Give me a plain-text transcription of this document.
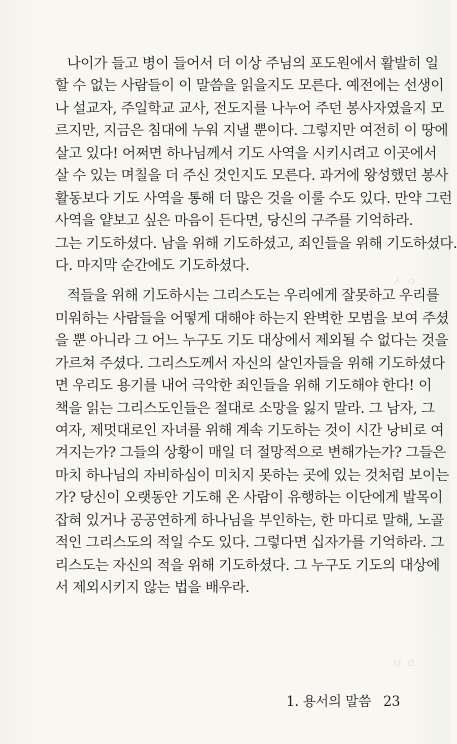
나이가 들고 병이 들어서 더 이상 주님의 포도원에서 활발히 일
할 수 없는 사람들이 이 말씀을 읽을지도 모른다. 예전에는 선생이
나 설교자, 주일학교 교사, 전도지를 나누어 주던 봉사자였을지 모
르지만, 지금은 침대에 누워 지낼 뿐이다. 그렇지만 여전히 이 땅에
살고 있다! 어쩌면 하나님께서 기도 사역을 시키시려고 이곳에서
살 수 있는 며칠을 더 주신 것인지도 모른다. 과거에 왕성했던 봉사
활동보다 기도 사역을 통해 더 많은 것을 이룰 수도 있다. 만약 그런
사역을 얕보고 싶은 마음이 든다면, 당신의 구주를 기억하라.
그는 기도하셨다. 남을 위해 기도하셨고, 죄인들을 위해 기도하셨다.
다. 마지막 순간에도 기도하셨다.
적들을 위해 기도하시는 그리스도는 우리에게 잘못하고 우리를
미워하는 사람들을 어떻게 대해야 하는지 완벽한 모범을 보여 주셨
을 뿐 아니라 그 어느 누구도 기도 대상에서 제외될 수 없다는 것을
가르쳐 주셨다. 그리스도께서 자신의 살인자들을 위해 기도하셨다
면 우리도 용기를 내어 극악한 죄인들을 위해 기도해야 한다! 이
책을 읽는 그리스도인들은 절대로 소망을 잃지 말라. 그 남자, 그
여자, 제멋대로인 자녀를 위해 계속 기도하는 것이 시간 낭비로 여
겨지는가? 그들의 상황이 매일 더 절망적으로 변해가는가? 그들은
마치 하나님의 자비하심이 미치지 못하는 곳에 있는 것처럼 보이는
가? 당신이 오랫동안 기도해 온 사람이 유행하는 이단에게 발목이
잡혀 있거나 공공연하게 하나님을 부인하는, 한 마디로 말해, 노골
적인 그리스도의 적일 수도 있다. 그렇다면 십자가를 기억하라. 그
리스도는 자신의 적을 위해 기도하셨다. 그 누구도 기도의 대상에
서 제외시키지 않는 법을 배우라.
1. 용서의 말씀 23
ㅅ ㅇ
ㅂ ㄹ
